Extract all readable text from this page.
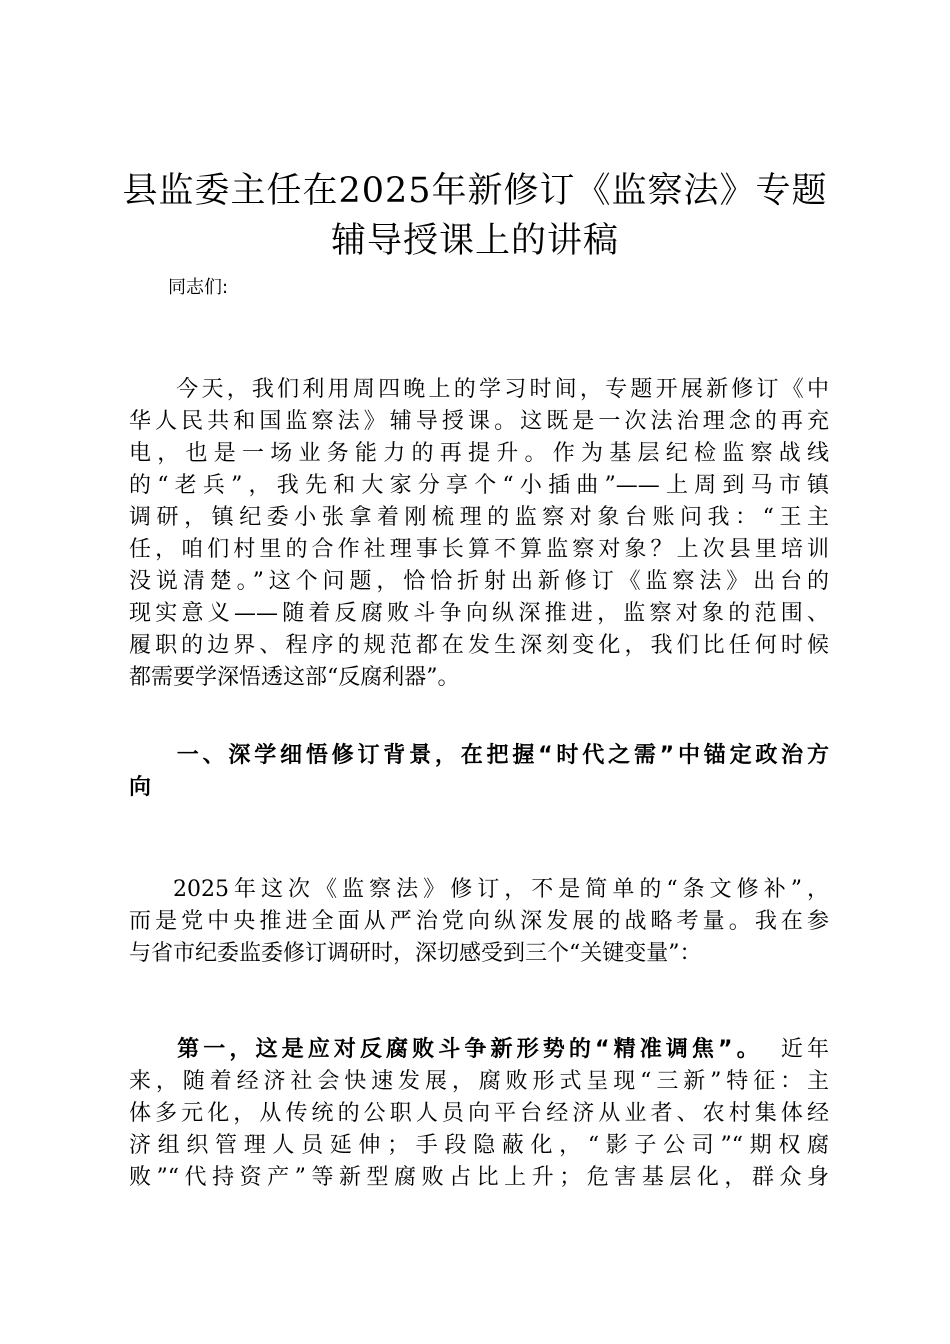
县监委主任在2025年新修订《监察法》专题
辅导授课上的讲稿
同志们:
今天，我们利用周四晚上的学习时间，专题开展新修订《中
华人民共和国监察法》辅导授课。这既是一次法治理念的再充
电，也是一场业务能力的再提升。作为基层纪检监察战线
的“老兵”，我先和大家分享个“小插曲”——上周到马市镇
调研，镇纪委小张拿着刚梳理的监察对象台账问我：“王主
任，咱们村里的合作社理事长算不算监察对象？上次县里培训
没说清楚。”这个问题，恰恰折射出新修订《监察法》出台的
现实意义——随着反腐败斗争向纵深推进，监察对象的范围、
履职的边界、程序的规范都在发生深刻变化，我们比任何时候
都需要学深悟透这部“反腐利器”。
一、深学细悟修订背景，在把握“时代之需”中锚定政治方
向
2025年这次《监察法》修订，不是简单的“条文修补”，
而是党中央推进全面从严治党向纵深发展的战略考量。我在参
与省市纪委监委修订调研时，深切感受到三个“关键变量”：
第一，这是应对反腐败斗争新形势的“精准调焦”。 近年
来，随着经济社会快速发展，腐败形式呈现“三新”特征：主
体多元化，从传统的公职人员向平台经济从业者、农村集体经
济组织管理人员延伸；手段隐蔽化，“影子公司”“期权腐
败”“代持资产”等新型腐败占比上升；危害基层化，群众身
